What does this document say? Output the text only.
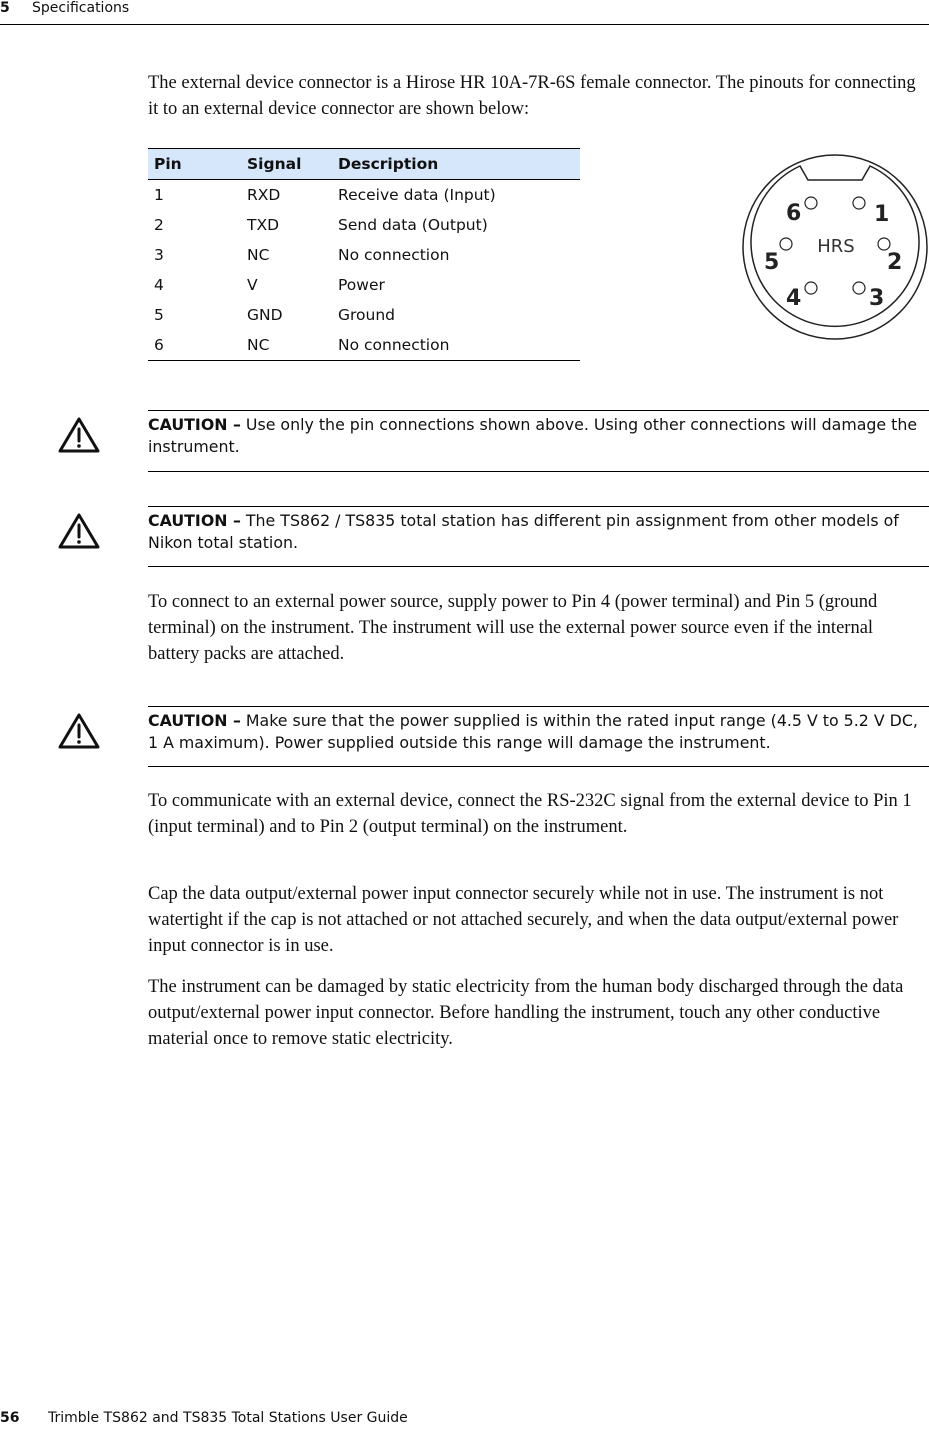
5 Specifications

The external device connector is a Hirose HR 10A-7R-6S female connector. The pinouts for connecting it to an external device connector are shown below:

Pin	Signal	Description
1	RXD	Receive data (Input)
2	TXD	Send data (Output)
3	NC	No connection
4	V	Power
5	GND	Ground
6	NC	No connection
HRS
1
2
3
4
5
6
CAUTION – Use only the pin connections shown above. Using other connections will damage the instrument.
CAUTION – The TS862 / TS835 total station has different pin assignment from other models of Nikon total station.

To connect to an external power source, supply power to Pin 4 (power terminal) and Pin 5 (ground terminal) on the instrument. The instrument will use the external power source even if the internal battery packs are attached.

CAUTION – Make sure that the power supplied is within the rated input range (4.5 V to 5.2 V DC, 1 A maximum). Power supplied outside this range will damage the instrument.

To communicate with an external device, connect the RS-232C signal from the external device to Pin 1 (input terminal) and to Pin 2 (output terminal) on the instrument.

Cap the data output/external power input connector securely while not in use. The instrument is not watertight if the cap is not attached or not attached securely, and when the data output/external power input connector is in use.

The instrument can be damaged by static electricity from the human body discharged through the data output/external power input connector. Before handling the instrument, touch any other conductive material once to remove static electricity.

56 Trimble TS862 and TS835 Total Stations User Guide
